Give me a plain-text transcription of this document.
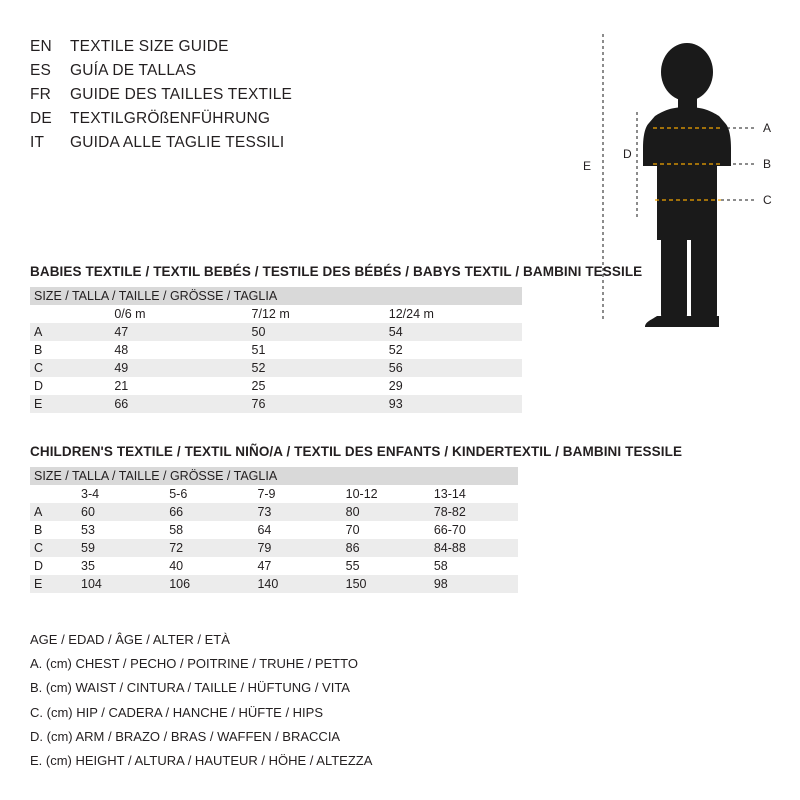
EN	TEXTILE SIZE GUIDE
ES	GUÍA DE TALLAS
FR	GUIDE DES TAILLES TEXTILE
DE	TEXTILGRÖßENFÜHRUNG
IT	GUIDA ALLE TAGLIE TESSILI
A
B
C
E
D
BABIES TEXTILE / TEXTIL BEBÉS / TESTILE DES BÉBÉS / BABYS TEXTIL / BAMBINI TESSILE
SIZE / TALLA / TAILLE / GRÖSSE / TAGLIA			
	0/6 m	7/12 m	12/24 m
A	47	50	54
B	48	51	52
C	49	52	56
D	21	25	29
E	66	76	93
CHILDREN'S TEXTILE / TEXTIL NIÑO/A / TEXTIL DES ENFANTS / KINDERTEXTIL / BAMBINI TESSILE
SIZE / TALLA / TAILLE / GRÖSSE / TAGLIA					
	3-4	5-6	7-9	10-12	13-14
A	60	66	73	80	78-82
B	53	58	64	70	66-70
C	59	72	79	86	84-88
D	35	40	47	55	58
E	104	106	140	150	98
AGE / EDAD / ÂGE / ALTER / ETÀ
A. (cm) CHEST / PECHO / POITRINE / TRUHE / PETTO
B. (cm) WAIST / CINTURA / TAILLE / HÜFTUNG / VITA
C. (cm) HIP / CADERA / HANCHE / HÜFTE / HIPS
D. (cm) ARM / BRAZO / BRAS / WAFFEN / BRACCIA
E. (cm) HEIGHT / ALTURA / HAUTEUR / HÖHE / ALTEZZA
